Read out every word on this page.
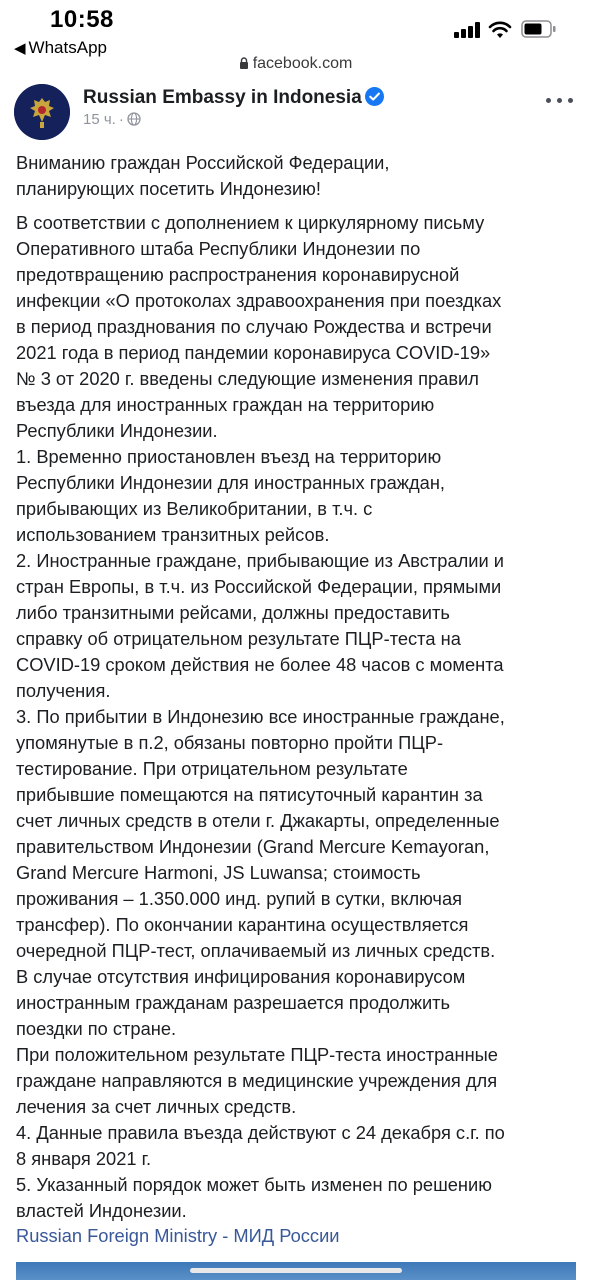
10:58
◀ WhatsApp
facebook.com
Russian Embassy in Indonesia
15 ч. ·
Вниманию граждан Российской Федерации,
планирующих посетить Индонезию!
В соответствии с дополнением к циркулярному письму
Оперативного штаба Республики Индонезии по
предотвращению распространения коронавирусной
инфекции «О протоколах здравоохранения при поездках
в период празднования по случаю Рождества и встречи
2021 года в период пандемии коронавируса COVID-19»
№ 3 от 2020 г. введены следующие изменения правил
въезда для иностранных граждан на территорию
Республики Индонезии.
1. Временно приостановлен въезд на территорию
Республики Индонезии для иностранных граждан,
прибывающих из Великобритании, в т.ч. с
использованием транзитных рейсов.
2. Иностранные граждане, прибывающие из Австралии и
стран Европы, в т.ч. из Российской Федерации, прямыми
либо транзитными рейсами, должны предоставить
справку об отрицательном результате ПЦР-теста на
COVID-19 сроком действия не более 48 часов с момента
получения.
3. По прибытии в Индонезию все иностранные граждане,
упомянутые в п.2, обязаны повторно пройти ПЦР-
тестирование. При отрицательном результате
прибывшие помещаются на пятисуточный карантин за
счет личных средств в отели г. Джакарты, определенные
правительством Индонезии (Grand Mercure Kemayoran,
Grand Mercure Harmoni, JS Luwansa; стоимость
проживания – 1.350.000 инд. рупий в сутки, включая
трансфер). По окончании карантина осуществляется
очередной ПЦР-тест, оплачиваемый из личных средств.
В случае отсутствия инфицирования коронавирусом
иностранным гражданам разрешается продолжить
поездки по стране.
При положительном результате ПЦР-теста иностранные
граждане направляются в медицинские учреждения для
лечения за счет личных средств.
4. Данные правила въезда действуют с 24 декабря с.г. по
8 января 2021 г.
5. Указанный порядок может быть изменен по решению
властей Индонезии.
Russian Foreign Ministry - МИД России
